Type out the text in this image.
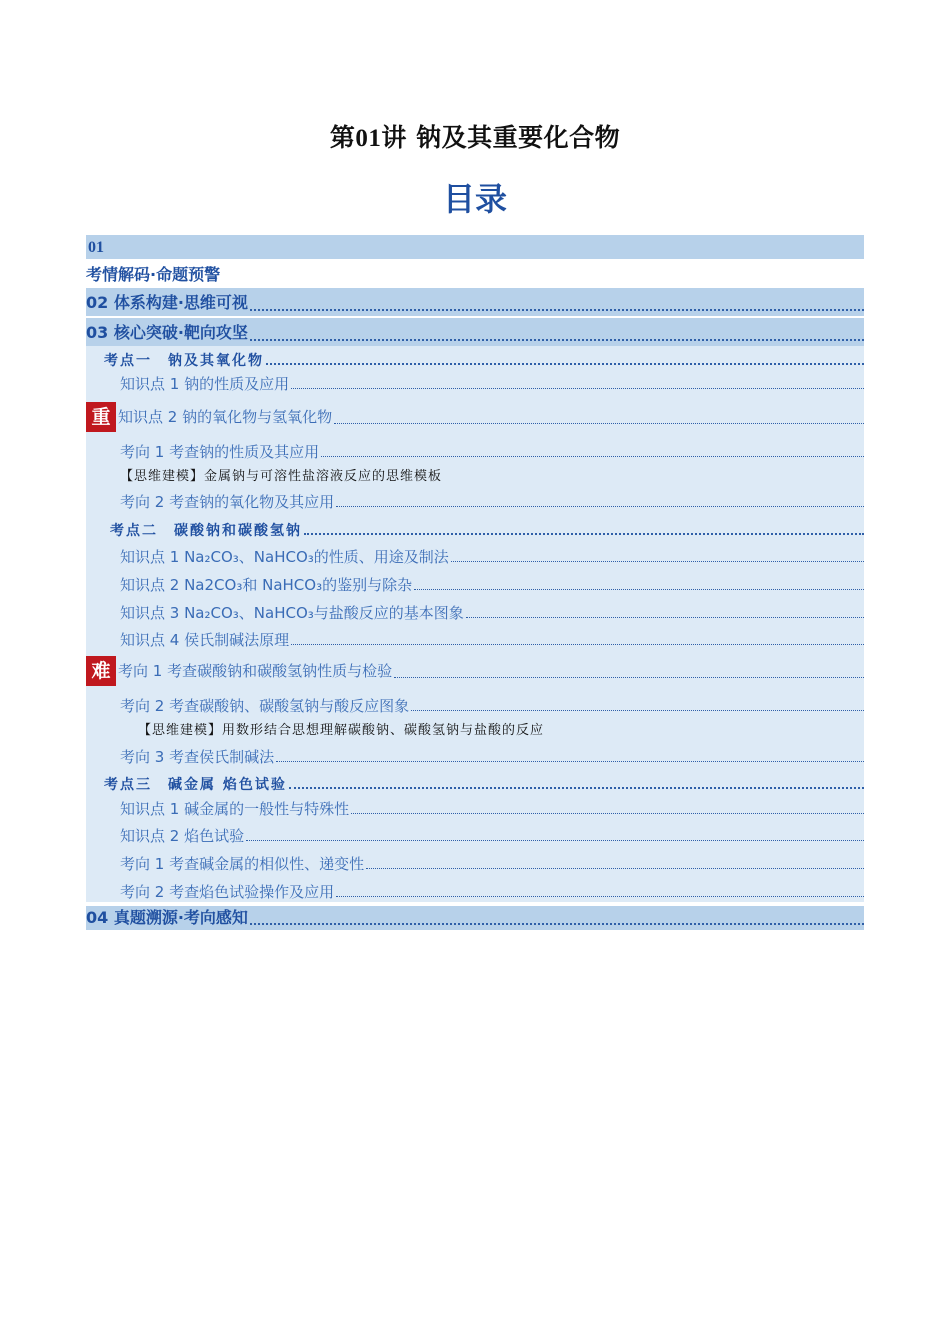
第01讲 钠及其重要化合物
目录
01
考情解码·命题预警
02 体系构建·思维可视
03 核心突破·靶向攻坚
考点一　钠及其氧化物
知识点 1 钠的性质及应用
重 知识点 2 钠的氧化物与氢氧化物
考向 1 考查钠的性质及其应用
【思维建模】金属钠与可溶性盐溶液反应的思维模板
考向 2 考查钠的氧化物及其应用
考点二　碳酸钠和碳酸氢钠
知识点 1 Na₂CO₃、NaHCO₃的性质、用途及制法
知识点 2 Na2CO₃和 NaHCO₃的鉴别与除杂
知识点 3 Na₂CO₃、NaHCO₃与盐酸反应的基本图象
知识点 4 侯氏制碱法原理
难 考向 1 考查碳酸钠和碳酸氢钠性质与检验
考向 2 考查碳酸钠、碳酸氢钠与酸反应图象
【思维建模】用数形结合思想理解碳酸钠、碳酸氢钠与盐酸的反应
考向 3 考查侯氏制碱法
考点三　碱金属 焰色试验
知识点 1 碱金属的一般性与特殊性
知识点 2 焰色试验
考向 1 考查碱金属的相似性、递变性
考向 2 考查焰色试验操作及应用
04 真题溯源·考向感知
